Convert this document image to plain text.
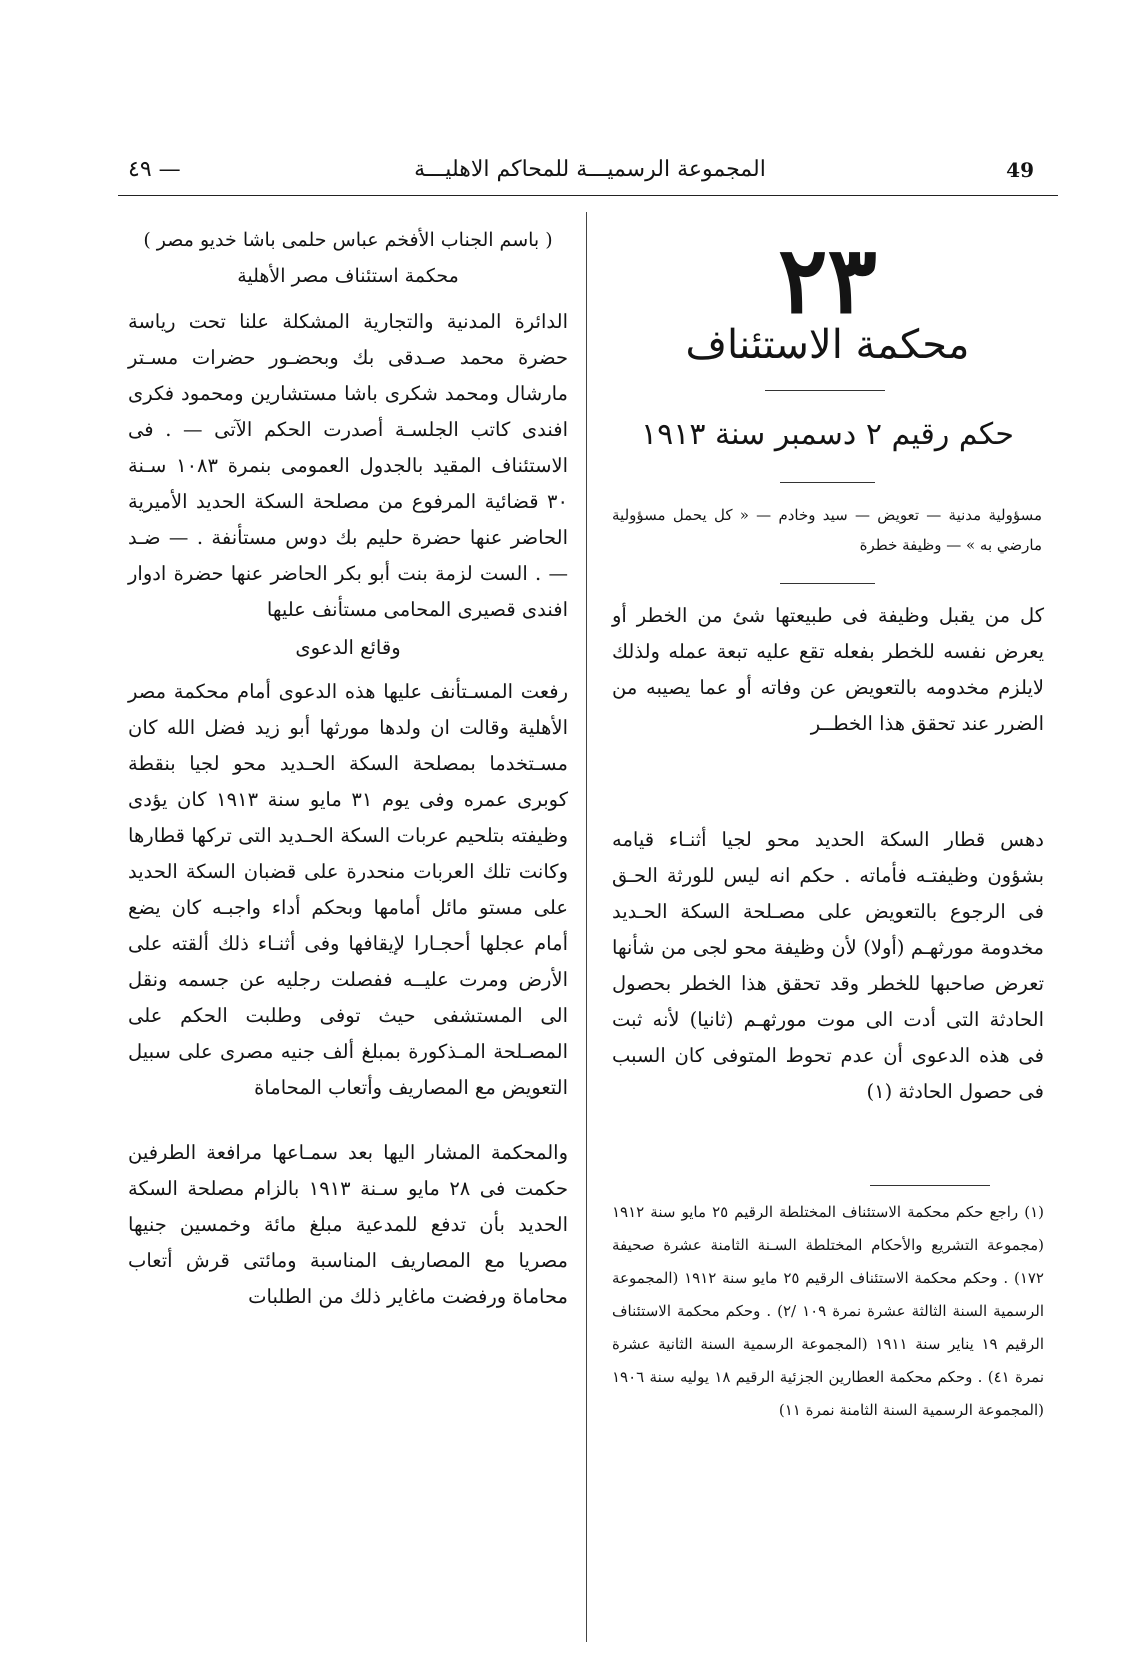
49
المجموعة الرسميـــة للمحاكم الاهليـــة
— ٤٩
٢٣
محكمة الاستئناف
حكم رقيم ٢ دسمبر سنة ١٩١٣
مسؤولية مدنية — تعويض — سيد وخادم — « كل يحمل مسؤولية مارضي به » — وظيفة خطرة

كل من يقبل وظيفة فى طبيعتها شئ من الخطر أو يعرض نفسه للخطر بفعله تقع عليه تبعة عمله ولذلك لايلزم مخدومه بالتعويض عن وفاته أو عما يصيبه من الضرر عند تحقق هذا الخطــر

دهس قطار السكة الحديد محو لجيا أثنـاء قيامه بشؤون وظيفتـه فأماته . حكم انه ليس للورثة الحـق فى الرجوع بالتعويض على مصـلحة السكة الحـديد مخدومة مورثهـم (أولا) لأن وظيفة محو لجى من شأنها تعرض صاحبها للخطر وقد تحقق هذا الخطر بحصول الحادثة التى أدت الى موت مورثهـم (ثانيا) لأنه ثبت فى هذه الدعوى أن عدم تحوط المتوفى كان السبب فى حصول الحادثة (١)

(١) راجع حكم محكمة الاستئناف المختلطة الرقيم ٢٥ مايو سنة ١٩١٢ (مجموعة التشريع والأحكام المختلطة السـنة الثامنة عشرة صحيفة ١٧٢) . وحكم محكمة الاستئناف الرقيم ٢٥ مايو سنة ١٩١٢ (المجموعة الرسمية السنة الثالثة عشرة نمرة ١٠٩ /٢) . وحكم محكمة الاستئناف الرقيم ١٩ يناير سنة ١٩١١ (المجموعة الرسمية السنة الثانية عشرة نمرة ٤١) . وحكم محكمة العطارين الجزئية الرقيم ١٨ يوليه سنة ١٩٠٦ (المجموعة الرسمية السنة الثامنة نمرة ١١)
( باسم الجناب الأفخم عباس حلمى باشا خديو مصر )
محكمة استئناف مصر الأهلية

الدائرة المدنية والتجارية المشكلة علنا تحت رياسة حضرة محمد صـدقى بك وبحضـور حضرات مسـتر مارشال ومحمد شكرى باشا مستشارين ومحمود فكرى افندى كاتب الجلسـة أصدرت الحكم الآتى — . فى الاستئناف المقيد بالجدول العمومى بنمرة ١٠٨٣ سـنة ٣٠ قضائية المرفوع من مصلحة السكة الحديد الأميرية الحاضر عنها حضرة حليم بك دوس مستأنفة . — ضـد — . الست لزمة بنت أبو بكر الحاضر عنها حضرة ادوار افندى قصيرى المحامى مستأنف عليها

وقائع الدعوى

رفعت المسـتأنف عليها هذه الدعوى أمام محكمة مصر الأهلية وقالت ان ولدها مورثها أبو زيد فضل الله كان مسـتخدما بمصلحة السكة الحـديد محو لجيا بنقطة كوبرى عمره وفى يوم ٣١ مايو سنة ١٩١٣ كان يؤدى وظيفته بتلحيم عربات السكة الحـديد التى تركها قطارها وكانت تلك العربات منحدرة على قضبان السكة الحديد على مستو مائل أمامها وبحكم أداء واجبـه كان يضع أمام عجلها أحجـارا لإيقافها وفى أثنـاء ذلك ألقته على الأرض ومرت عليــه ففصلت رجليه عن جسمه ونقل الى المستشفى حيث توفى وطلبت الحكم على المصـلحة المـذكورة بمبلغ ألف جنيه مصرى على سبيل التعويض مع المصاريف وأتعاب المحاماة

والمحكمة المشار اليها بعد سمـاعها مرافعة الطرفين حكمت فى ٢٨ مايو سـنة ١٩١٣ بالزام مصلحة السكة الحديد بأن تدفع للمدعية مبلغ مائة وخمسين جنيها مصريا مع المصاريف المناسبة ومائتى قرش أتعاب محاماة ورفضت ماغاير ذلك من الطلبات
